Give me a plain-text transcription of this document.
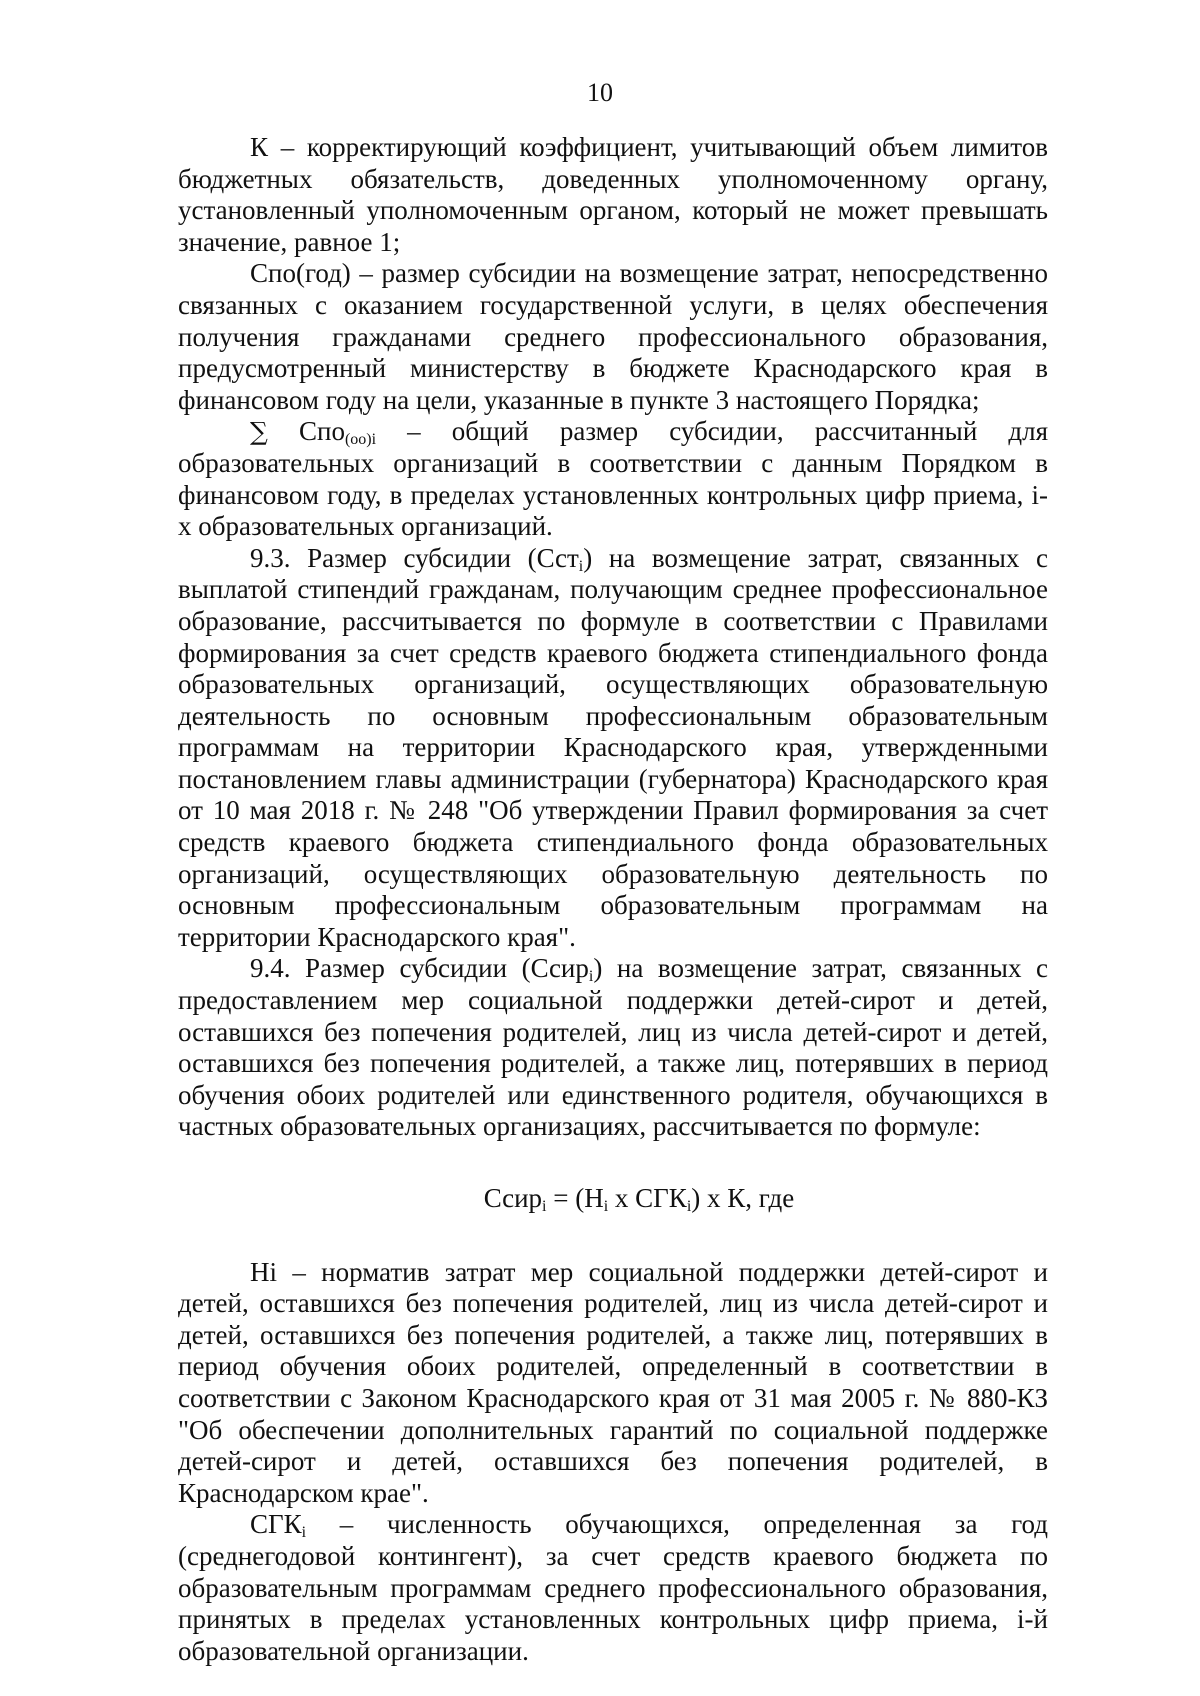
10

К – корректирующий коэффициент, учитывающий объем лимитов бюджетных обязательств, доведенных уполномоченному органу, установленный уполномоченным органом, который не может превышать значение, равное 1;

Спо(год) – размер субсидии на возмещение затрат, непосредственно связанных с оказанием государственной услуги, в целях обеспечения получения гражданами среднего профессионального образования, предусмотренный министерству в бюджете Краснодарского края в финансовом году на цели, указанные в пункте 3 настоящего Порядка;

∑ Спо$_{(оо)i}$ – общий размер субсидии, рассчитанный для образовательных организаций в соответствии с данным Порядком в финансовом году, в пределах установленных контрольных цифр приема, i-х образовательных организаций.

9.3. Размер субсидии (Сст$_i$) на возмещение затрат, связанных с выплатой стипендий гражданам, получающим среднее профессиональное образование, рассчитывается по формуле в соответствии с Правилами формирования за счет средств краевого бюджета стипендиального фонда образовательных организаций, осуществляющих образовательную деятельность по основным профессиональным образовательным программам на территории Краснодарского края, утвержденными постановлением главы администрации (губернатора) Краснодарского края от 10 мая 2018 г. № 248 "Об утверждении Правил формирования за счет средств краевого бюджета стипендиального фонда образовательных организаций, осуществляющих образовательную деятельность по основным профессиональным образовательным программам на территории Краснодарского края".

9.4. Размер субсидии (Ссир$_i$) на возмещение затрат, связанных с предоставлением мер социальной поддержки детей-сирот и детей, оставшихся без попечения родителей, лиц из числа детей-сирот и детей, оставшихся без попечения родителей, а также лиц, потерявших в период обучения обоих родителей или единственного родителя, обучающихся в частных образовательных организациях, рассчитывается по формуле:

Ссир$_i$ = ($Н_i$ х $СГК_i$) х К, где

Нi – норматив затрат мер социальной поддержки детей-сирот и детей, оставшихся без попечения родителей, лиц из числа детей-сирот и детей, оставшихся без попечения родителей, а также лиц, потерявших в период обучения обоих родителей, определенный в соответствии в соответствии с Законом Краснодарского края от 31 мая 2005 г. № 880-КЗ "Об обеспечении дополнительных гарантий по социальной поддержке детей-сирот и детей, оставшихся без попечения родителей, в Краснодарском крае".

$СГК_i$ – численность обучающихся, определенная за год (среднегодовой контингент), за счет средств краевого бюджета по образовательным программам среднего профессионального образования, принятых в пределах установленных контрольных цифр приема, i-й образовательной организации.
